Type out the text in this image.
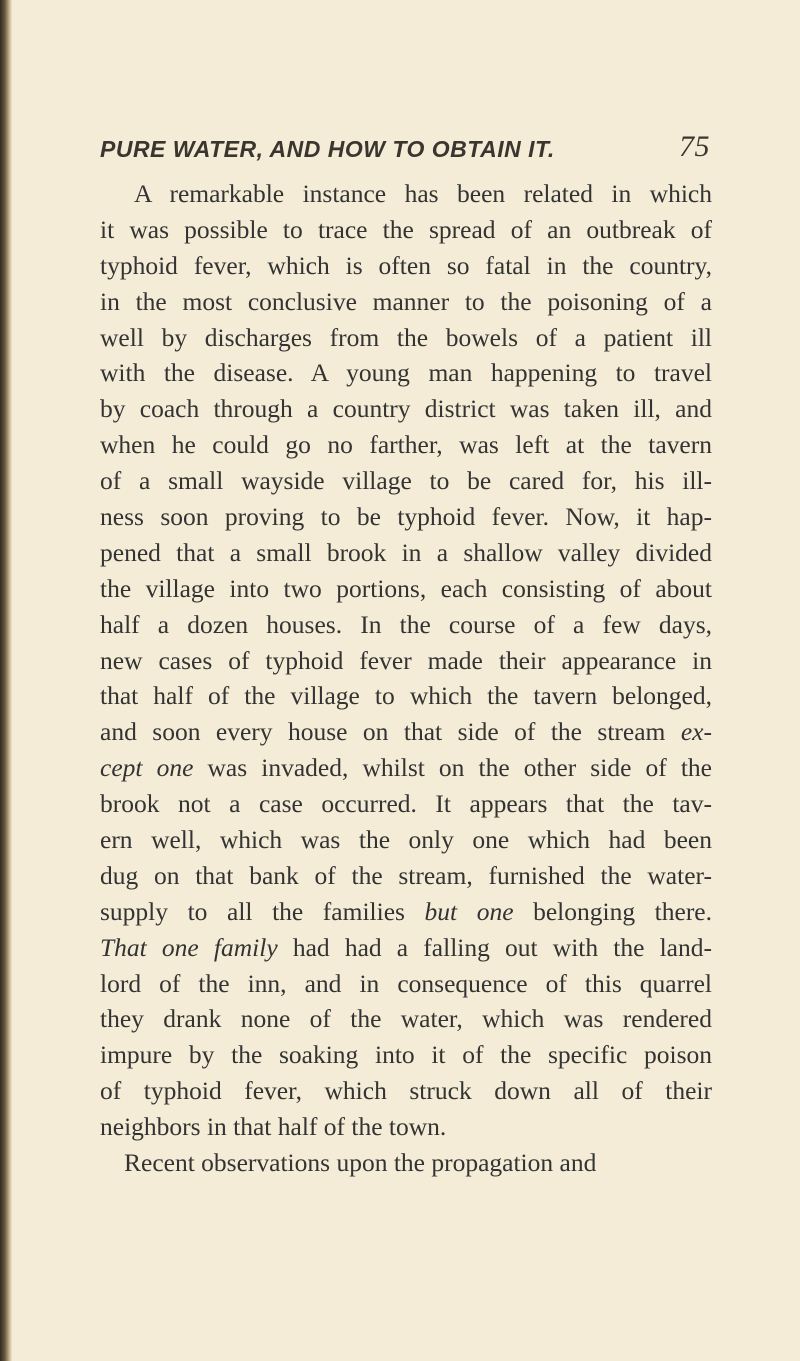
PURE WATER, AND HOW TO OBTAIN IT.	75
A remarkable instance has been related in which
it was possible to trace the spread of an outbreak of
typhoid fever, which is often so fatal in the country,
in the most conclusive manner to the poisoning of a
well by discharges from the bowels of a patient ill
with the disease. A young man happening to travel
by coach through a country district was taken ill, and
when he could go no farther, was left at the tavern
of a small wayside village to be cared for, his ill-
ness soon proving to be typhoid fever. Now, it hap-
pened that a small brook in a shallow valley divided
the village into two portions, each consisting of about
half a dozen houses. In the course of a few days,
new cases of typhoid fever made their appearance in
that half of the village to which the tavern belonged,
and soon every house on that side of the stream ex-
cept one was invaded, whilst on the other side of the
brook not a case occurred. It appears that the tav-
ern well, which was the only one which had been
dug on that bank of the stream, furnished the water-
supply to all the families but one belonging there.
That one family had had a falling out with the land-
lord of the inn, and in consequence of this quarrel
they drank none of the water, which was rendered
impure by the soaking into it of the specific poison
of typhoid fever, which struck down all of their
neighbors in that half of the town.
Recent observations upon the propagation and
